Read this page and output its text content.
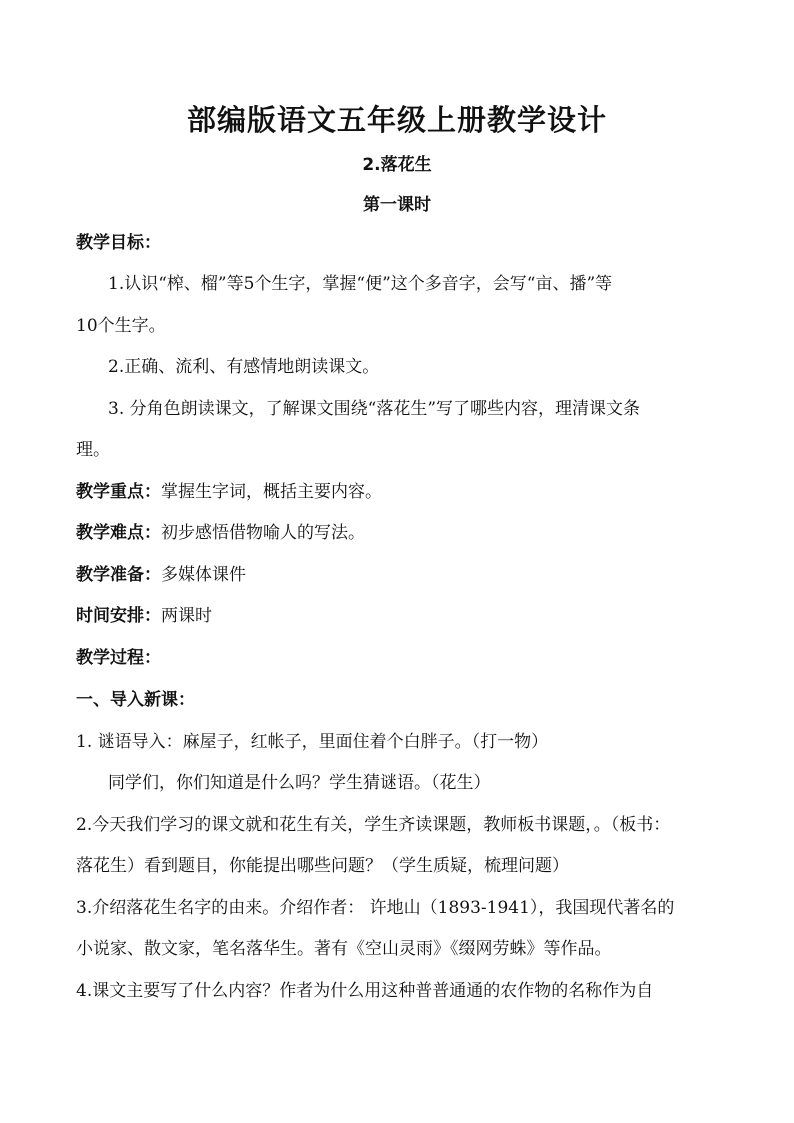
部编版语文五年级上册教学设计
2.落花生
第一课时
教学目标：
1.认识“榨、榴”等5个生字，掌握“便”这个多音字，会写“亩、播”等
10个生字。
2.正确、流利、有感情地朗读课文。
3. 分角色朗读课文，了解课文围绕“落花生”写了哪些内容，理清课文条
理。
教学重点：掌握生字词，概括主要内容。
教学难点：初步感悟借物喻人的写法。
教学准备：多媒体课件
时间安排：两课时
教学过程：
一、导入新课：
1. 谜语导入：麻屋子，红帐子，里面住着个白胖子。（打一物）
同学们，你们知道是什么吗？学生猜谜语。（花生）
2.今天我们学习的课文就和花生有关，学生齐读课题，教师板书课题，。（板书：
落花生）看到题目，你能提出哪些问题？（学生质疑，梳理问题）
3.介绍落花生名字的由来。介绍作者： 许地山（1893-1941），我国现代著名的
小说家、散文家，笔名落华生。著有《空山灵雨》《缀网劳蛛》等作品。
4.课文主要写了什么内容？作者为什么用这种普普通通的农作物的名称作为自
